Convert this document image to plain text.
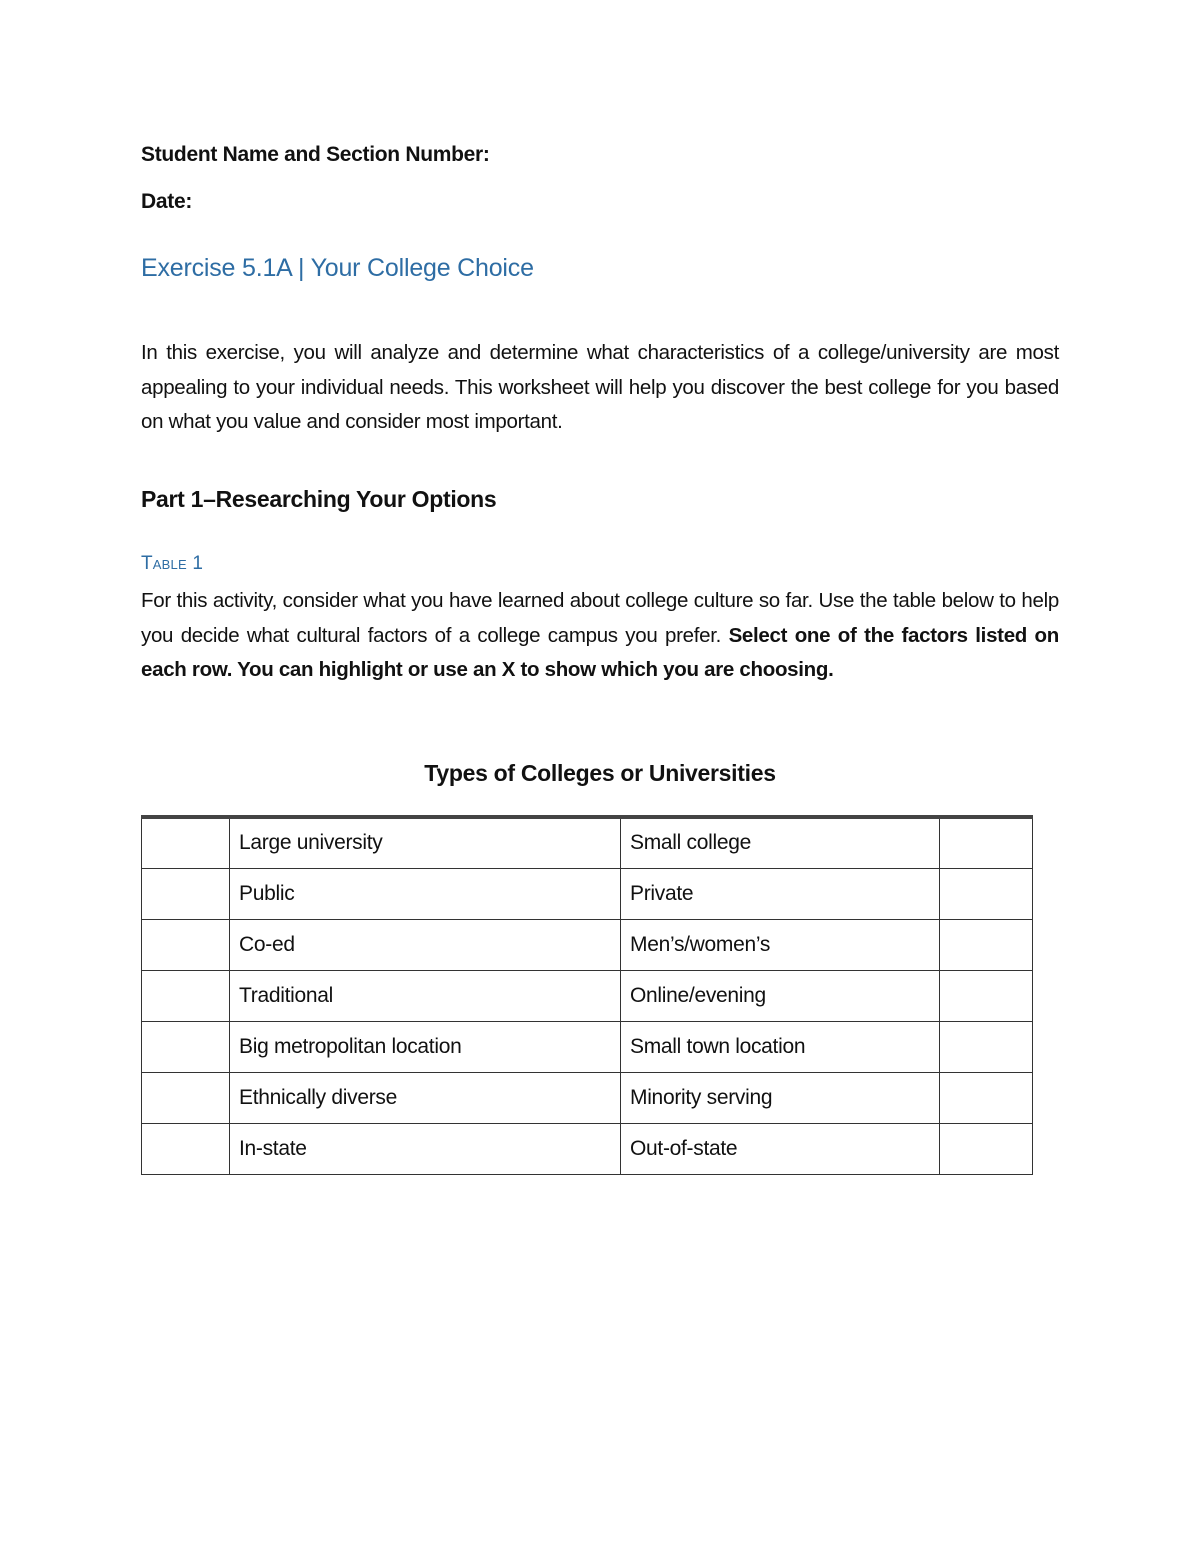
Student Name and Section Number:
Date:
Exercise 5.1A | Your College Choice

In this exercise, you will analyze and determine what characteristics of a college/university are most appealing to your individual needs. This worksheet will help you discover the best college for you based on what you value and consider most important.

Part 1–Researching Your Options
Table 1

For this activity, consider what you have learned about college culture so far. Use the table below to help you decide what cultural factors of a college campus you prefer. Select one of the factors listed on each row. You can highlight or use an X to show which you are choosing.

Types of Colleges or Universities
	Large university	Small college	
	Public	Private	
	Co-ed	Men’s/women’s	
	Traditional	Online/evening	
	Big metropolitan location	Small town location	
	Ethnically diverse	Minority serving	
	In-state	Out-of-state	
